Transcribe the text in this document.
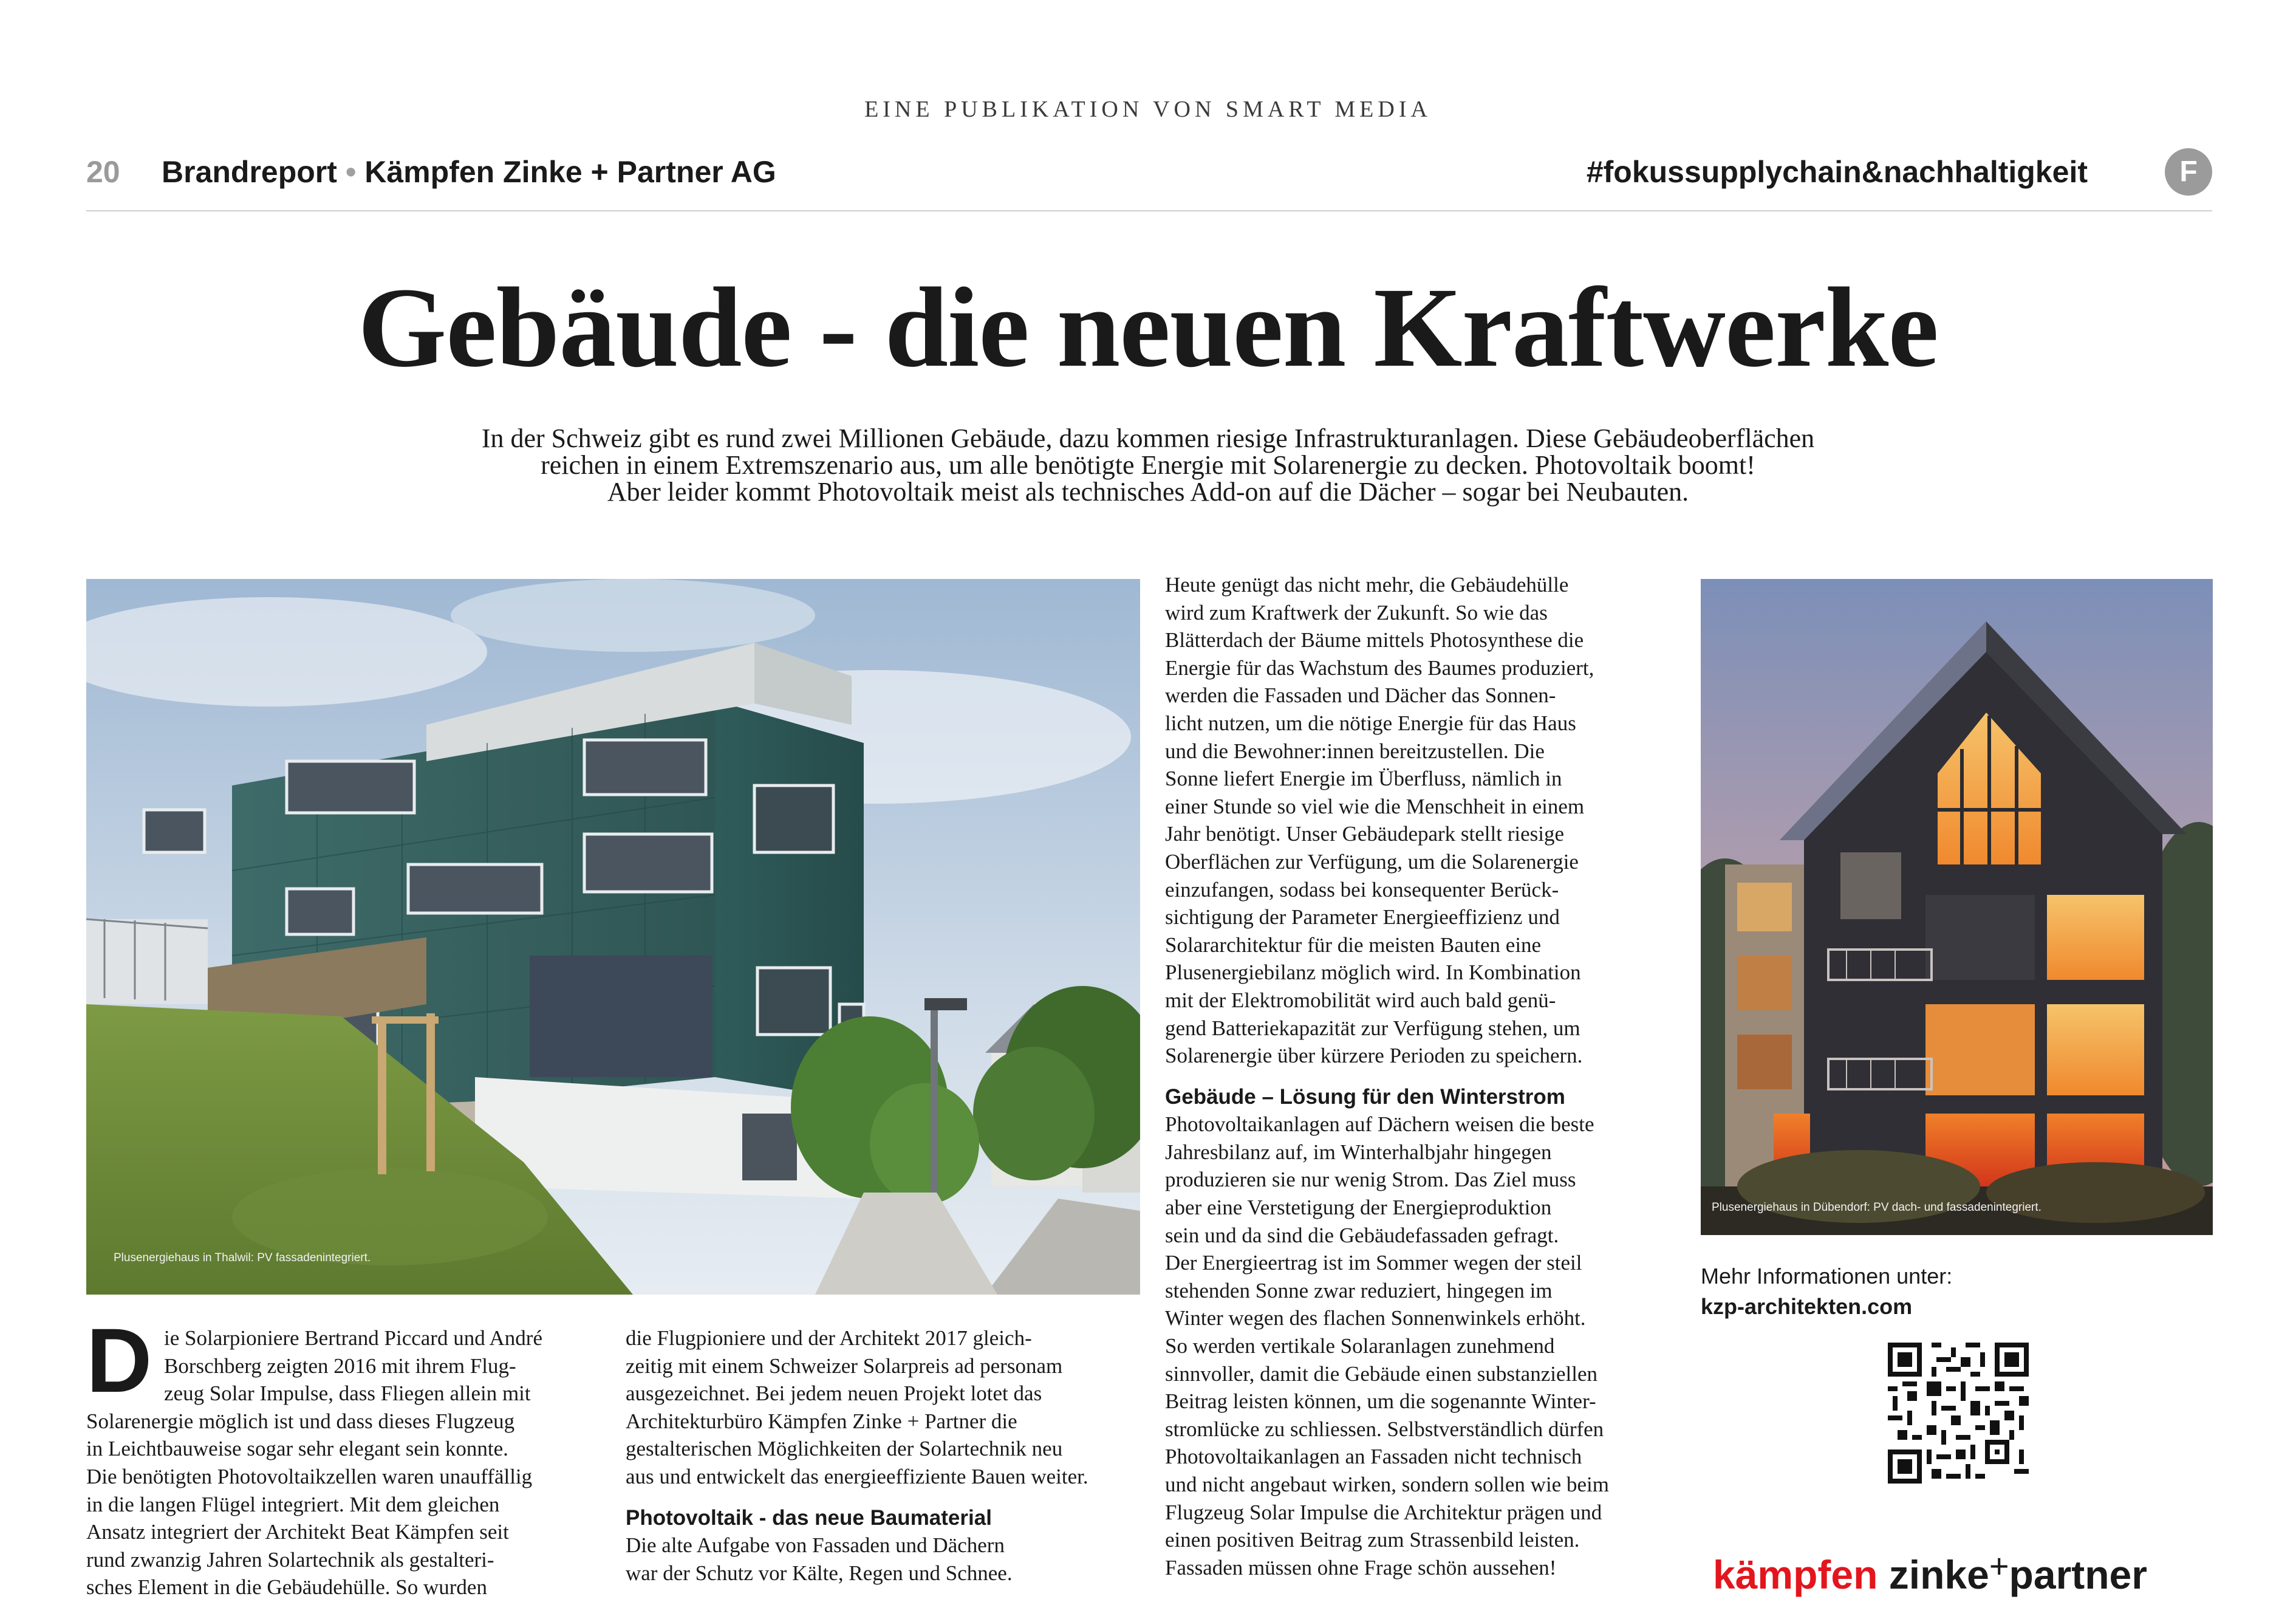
EINE PUBLIKATION VON SMART MEDIA
20 Brandreport • Kämpfen Zinke + Partner AG	#fokussupplychain&nachhaltigkeit	F
Gebäude - die neuen Kraftwerke
In der Schweiz gibt es rund zwei Millionen Gebäude, dazu kommen riesige Infrastrukturanlagen. Diese Gebäudeoberflächen
reichen in einem Extremszenario aus, um alle benötigte Energie mit Solarenergie zu decken. Photovoltaik boomt!
Aber leider kommt Photovoltaik meist als technisches Add-on auf die Dächer – sogar bei Neubauten.
Plusenergiehaus in Thalwil: PV fassadenintegriert.
Plusenergiehaus in Dübendorf: PV dach- und fassadenintegriert.
D ie Solarpioniere Bertrand Piccard und André
Borschberg zeigten 2016 mit ihrem Flug-
zeug Solar Impulse, dass Fliegen allein mit
Solarenergie möglich ist und dass dieses Flugzeug
in Leichtbauweise sogar sehr elegant sein konnte.
Die benötigten Photovoltaikzellen waren unauffällig
in die langen Flügel integriert. Mit dem gleichen
Ansatz integriert der Architekt Beat Kämpfen seit
rund zwanzig Jahren Solartechnik als gestalteri-
sches Element in die Gebäudehülle. So wurden
die Flugpioniere und der Architekt 2017 gleich-
zeitig mit einem Schweizer Solarpreis ad personam
ausgezeichnet. Bei jedem neuen Projekt lotet das
Architekturbüro Kämpfen Zinke + Partner die
gestalterischen Möglichkeiten der Solartechnik neu
aus und entwickelt das energieeffiziente Bauen weiter.
Photovoltaik - das neue Baumaterial
Die alte Aufgabe von Fassaden und Dächern
war der Schutz vor Kälte, Regen und Schnee.
Heute genügt das nicht mehr, die Gebäudehülle
wird zum Kraftwerk der Zukunft. So wie das
Blätterdach der Bäume mittels Photosynthese die
Energie für das Wachstum des Baumes produziert,
werden die Fassaden und Dächer das Sonnen-
licht nutzen, um die nötige Energie für das Haus
und die Bewohner:innen bereitzustellen. Die
Sonne liefert Energie im Überfluss, nämlich in
einer Stunde so viel wie die Menschheit in einem
Jahr benötigt. Unser Gebäudepark stellt riesige
Oberflächen zur Verfügung, um die Solarenergie
einzufangen, sodass bei konsequenter Berück-
sichtigung der Parameter Energieeffizienz und
Solararchitektur für die meisten Bauten eine
Plusenergiebilanz möglich wird. In Kombination
mit der Elektromobilität wird auch bald genü-
gend Batteriekapazität zur Verfügung stehen, um
Solarenergie über kürzere Perioden zu speichern.
Gebäude – Lösung für den Winterstrom
Photovoltaikanlagen auf Dächern weisen die beste
Jahresbilanz auf, im Winterhalbjahr hingegen
produzieren sie nur wenig Strom. Das Ziel muss
aber eine Verstetigung der Energieproduktion
sein und da sind die Gebäudefassaden gefragt.
Der Energieertrag ist im Sommer wegen der steil
stehenden Sonne zwar reduziert, hingegen im
Winter wegen des flachen Sonnenwinkels erhöht.
So werden vertikale Solaranlagen zunehmend
sinnvoller, damit die Gebäude einen substanziellen
Beitrag leisten können, um die sogenannte Winter-
stromlücke zu schliessen. Selbstverständlich dürfen
Photovoltaikanlagen an Fassaden nicht technisch
und nicht angebaut wirken, sondern sollen wie beim
Flugzeug Solar Impulse die Architektur prägen und
einen positiven Beitrag zum Strassenbild leisten.
Fassaden müssen ohne Frage schön aussehen!
Mehr Informationen unter:
kzp-architekten.com
kämpfen zinke+partner
